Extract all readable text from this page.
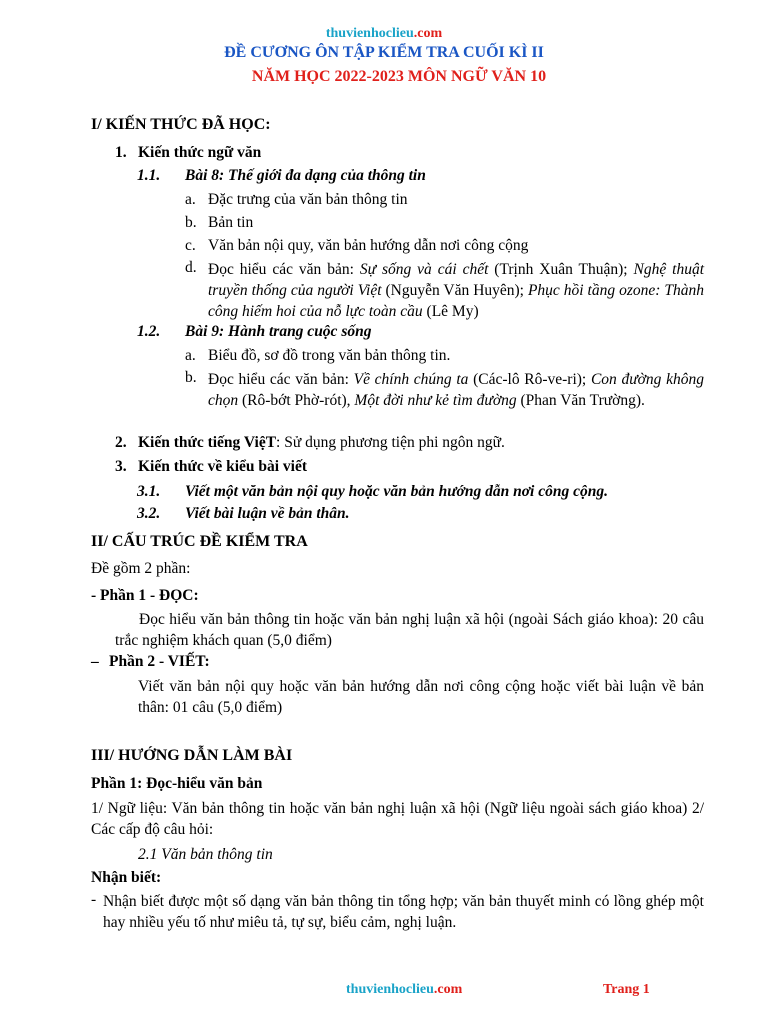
thuvienhoclieu.com
ĐỀ CƯƠNG ÔN TẬP KIỂM TRA CUỐI KÌ II
NĂM HỌC 2022-2023 MÔN NGỮ VĂN 10
I/ KIẾN THỨC ĐÃ HỌC:
1. Kiến thức ngữ văn
1.1. Bài 8: Thế giới đa dạng của thông tin
a. Đặc trưng của văn bản thông tin
b. Bản tin
c. Văn bản nội quy, văn bản hướng dẫn nơi công cộng
d. Đọc hiểu các văn bản: Sự sống và cái chết (Trịnh Xuân Thuận); Nghệ thuật truyền thống của người Việt (Nguyễn Văn Huyên); Phục hồi tầng ozone: Thành công hiếm hoi của nỗ lực toàn cầu (Lê My)
1.2. Bài 9: Hành trang cuộc sống
a. Biểu đồ, sơ đồ trong văn bản thông tin.
b. Đọc hiểu các văn bản: Về chính chúng ta (Các-lô Rô-ve-ri); Con đường không chọn (Rô-bớt Phờ-rót), Một đời như kẻ tìm đường (Phan Văn Trường).
2. Kiến thức tiếng ViệT: Sử dụng phương tiện phi ngôn ngữ.
3. Kiến thức về kiểu bài viết
3.1. Viết một văn bản nội quy hoặc văn bản hướng dẫn nơi công cộng.
3.2. Viết bài luận về bản thân.
II/ CẤU TRÚC ĐỀ KIỂM TRA
Đề gồm 2 phần:
- Phần 1 - ĐỌC:
Đọc hiểu văn bản thông tin hoặc văn bản nghị luận xã hội (ngoài Sách giáo khoa): 20 câu trắc nghiệm khách quan (5,0 điểm)
– Phần 2 - VIẾT:
Viết văn bản nội quy hoặc văn bản hướng dẫn nơi công cộng hoặc viết bài luận về bản thân: 01 câu (5,0 điểm)
III/ HƯỚNG DẪN LÀM BÀI
Phần 1: Đọc-hiểu văn bản
1/ Ngữ liệu: Văn bản thông tin hoặc văn bản nghị luận xã hội (Ngữ liệu ngoài sách giáo khoa) 2/ Các cấp độ câu hỏi:
2.1 Văn bản thông tin
Nhận biết:
- Nhận biết được một số dạng văn bản thông tin tổng hợp; văn bản thuyết minh có lồng ghép một hay nhiều yếu tố như miêu tả, tự sự, biểu cảm, nghị luận.
thuvienhoclieu.com	Trang 1
